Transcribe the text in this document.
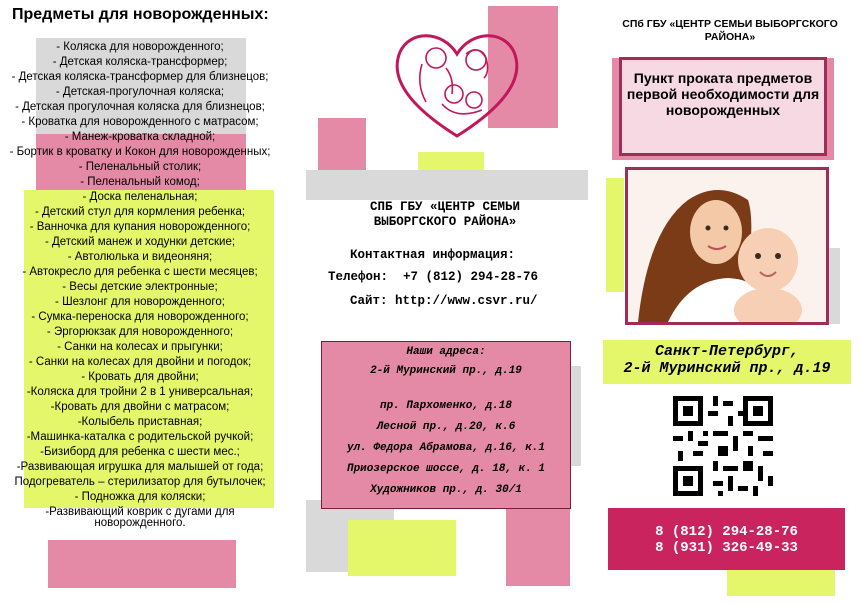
Предметы для новорожденных:
- Коляска для новорожденного;
- Детская коляска-трансформер;
- Детская коляска-трансформер для близнецов;
- Детская-прогулочная коляска;
- Детская прогулочная коляска для близнецов;
- Кроватка для новорожденного с матрасом;
- Манеж-кроватка складной;
- Бортик в кроватку и Кокон для новорожденных;
- Пеленальный столик;
- Пеленальный комод;
- Доска пеленальная;
- Детский стул для кормления ребенка;
- Ванночка для купания новорожденного;
- Детский манеж и ходунки детские;
- Автолюлька и видеоняня;
- Автокресло для ребенка с шести месяцев;
- Весы детские электронные;
- Шезлонг для новорожденного;
- Сумка-переноска для новорожденного;
- Эргорюкзак для новорожденного;
- Санки на колесах и прыгунки;
- Санки на колесах для двойни и погодок;
- Кровать для двойни;
-Коляска для тройни 2 в 1 универсальная;
-Кровать для двойни с матрасом;
-Колыбель приставная;
-Машинка-каталка с родительской ручкой;
-Бизиборд для ребенка с шести мес.;
-Развивающая игрушка для малышей от года;
Подогреватель – стерилизатор для бутылочек;
- Подножка для коляски;
-Развивающий коврик с дугами для новорожденного.
СПБ ГБУ «ЦЕНТР СЕМЬИ ВЫБОРГСКОГО РАЙОНА»
Контактная информация:
Телефон: +7 (812) 294-28-76
Сайт: http://www.csvr.ru/
Наши адреса:
2-й Муринский пр., д.19
пр. Пархоменко, д.18
Лесной пр., д.20, к.6
ул. Федора Абрамова, д.16, к.1
Приозерское шоссе, д. 18, к. 1
Художников пр., д. 30/1
СПб ГБУ «ЦЕНТР СЕМЬИ ВЫБОРГСКОГО РАЙОНА»
Пункт проката предметов первой необходимости для новорожденных
Санкт-Петербург,
2-й Муринский пр., д.19
8 (812) 294-28-76
8 (931) 326-49-33
